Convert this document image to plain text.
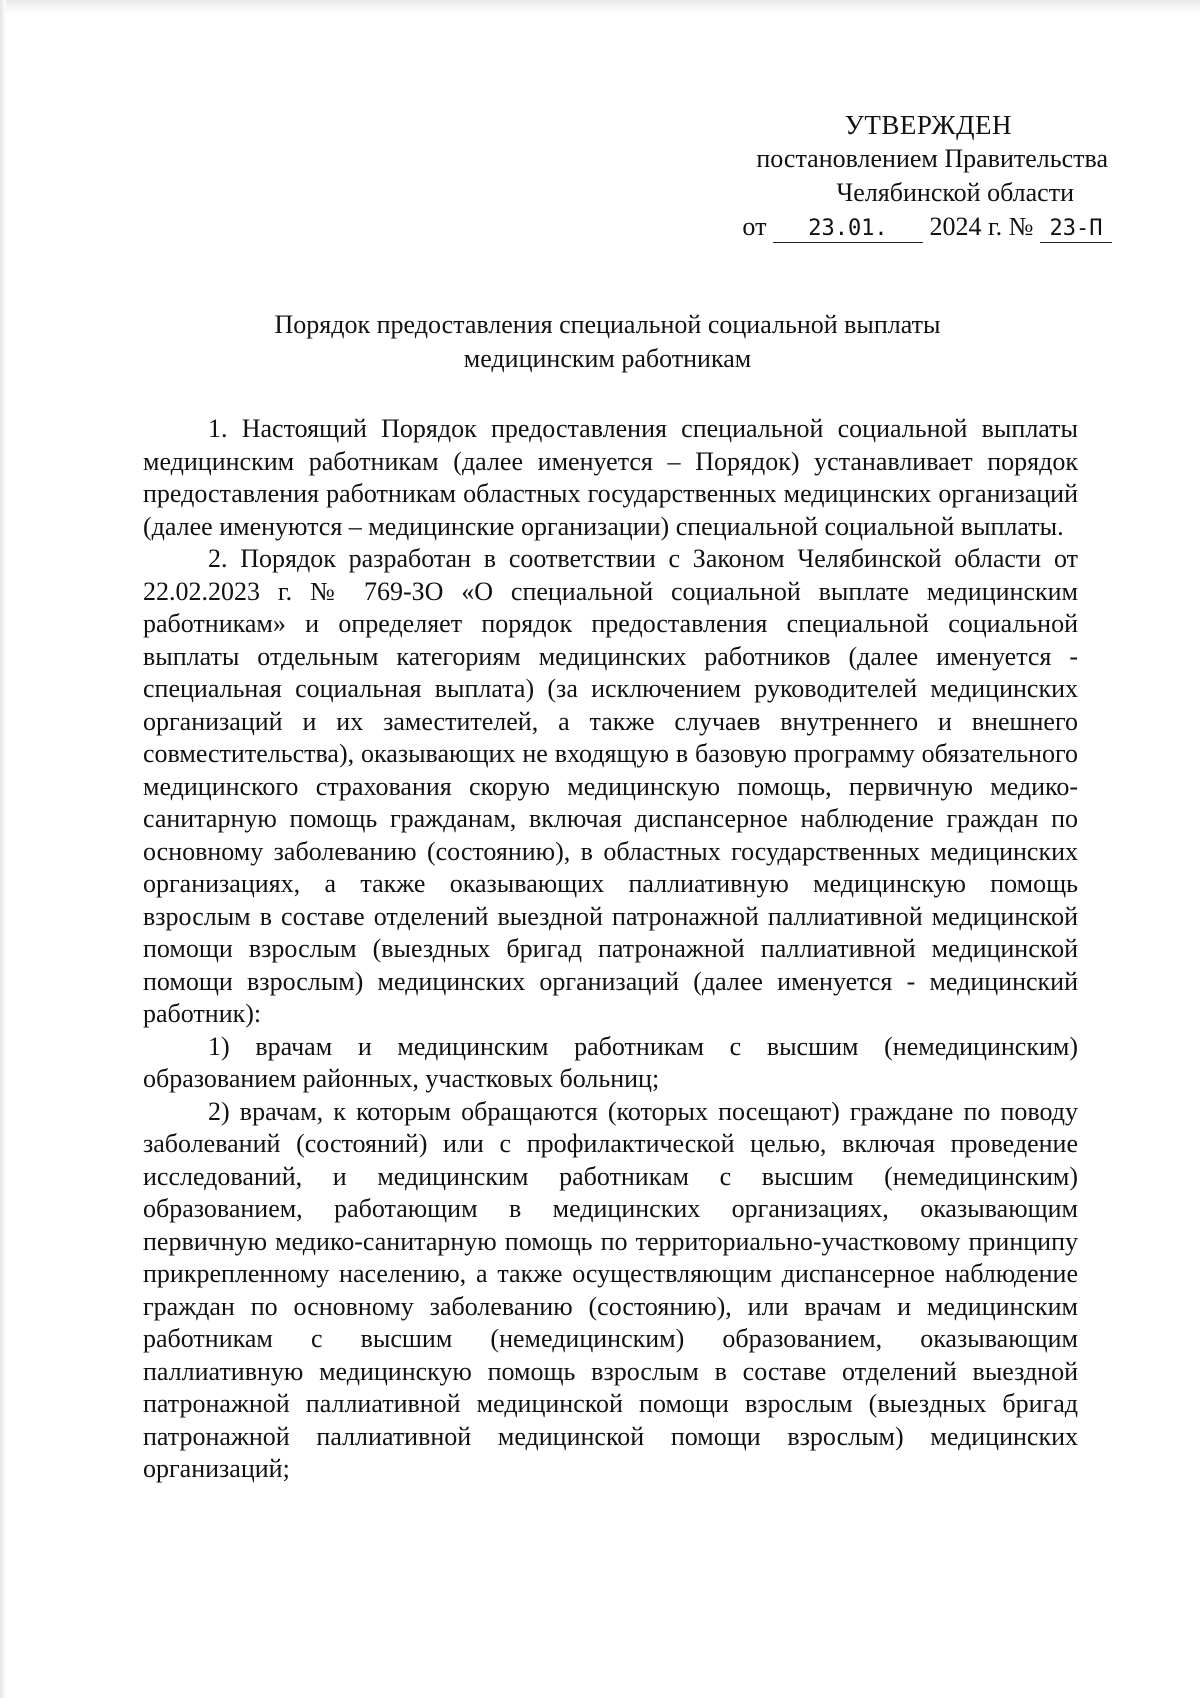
УТВЕРЖДЕН
постановлением Правительства
Челябинской области
от 23.01. 2024 г. № 23-П
Порядок предоставления специальной социальной выплаты
медицинским работникам

1. Настоящий Порядок предоставления специальной социальной выплаты медицинским работникам (далее именуется – Порядок) устанавливает порядок предоставления работникам областных государственных медицинских организаций (далее именуются – медицинские организации) специальной социальной выплаты.

2. Порядок разработан в соответствии с Законом Челябинской области от 22.02.2023 г. № 769-ЗО «О специальной социальной выплате медицинским работникам» и определяет порядок предоставления специальной социальной выплаты отдельным категориям медицинских работников (далее именуется - специальная социальная выплата) (за исключением руководителей медицинских организаций и их заместителей, а также случаев внутреннего и внешнего совместительства), оказывающих не входящую в базовую программу обязательного медицинского страхования скорую медицинскую помощь, первичную медико-санитарную помощь гражданам, включая диспансерное наблюдение граждан по основному заболеванию (состоянию), в областных государственных медицинских организациях, а также оказывающих паллиативную медицинскую помощь взрослым в составе отделений выездной патронажной паллиативной медицинской помощи взрослым (выездных бригад патронажной паллиативной медицинской помощи взрослым) медицинских организаций (далее именуется - медицинский работник):

1) врачам и медицинским работникам с высшим (немедицинским) образованием районных, участковых больниц;

2) врачам, к которым обращаются (которых посещают) граждане по поводу заболеваний (состояний) или с профилактической целью, включая проведение исследований, и медицинским работникам с высшим (немедицинским) образованием, работающим в медицинских организациях, оказывающим первичную медико-санитарную помощь по территориально-участковому принципу прикрепленному населению, а также осуществляющим диспансерное наблюдение граждан по основному заболеванию (состоянию), или врачам и медицинским работникам с высшим (немедицинским) образованием, оказывающим паллиативную медицинскую помощь взрослым в составе отделений выездной патронажной паллиативной медицинской помощи взрослым (выездных бригад патронажной паллиативной медицинской помощи взрослым) медицинских организаций;
